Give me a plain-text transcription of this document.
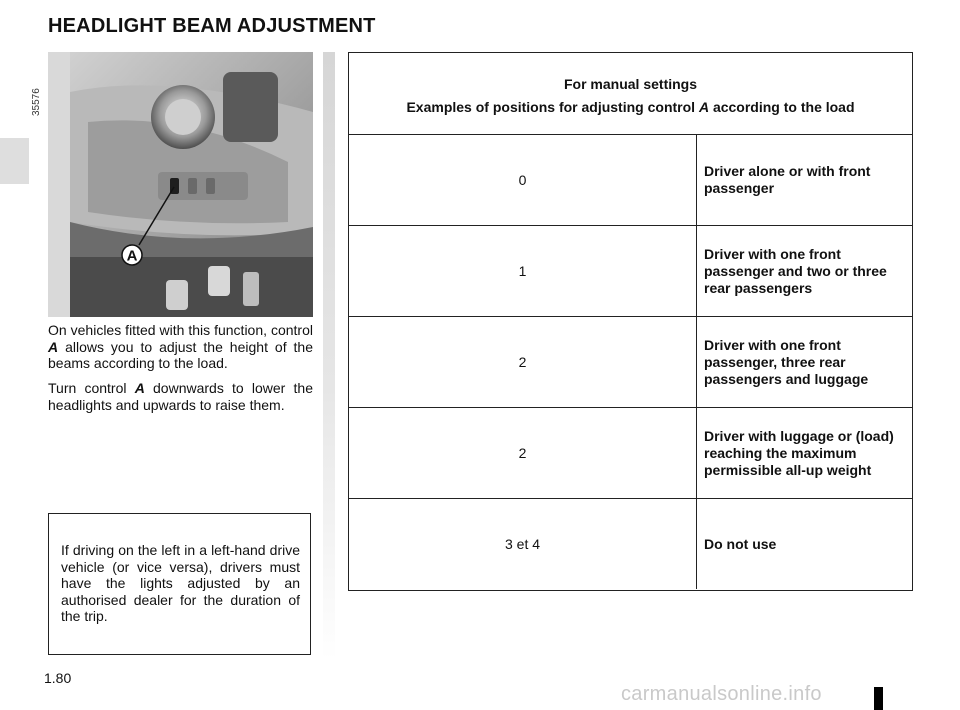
HEADLIGHT BEAM ADJUSTMENT
35576
A

On vehicles fitted with this function, control A allows you to adjust the height of the beams according to the load.

Turn control A downwards to lower the headlights and upwards to raise them.

If driving on the left in a left-hand drive vehicle (or vice versa), drivers must have the lights adjusted by an authorised dealer for the duration of the trip.

1.80
For manual settings
Examples of positions for adjusting control A according to the load
0
Driver alone or with front passenger
1
Driver with one front passenger and two or three rear passengers
2
Driver with one front passenger, three rear passengers and luggage
2
Driver with luggage or (load) reaching the maximum permissible all-up weight
3 et 4	Do not use
carmanualsonline.info
